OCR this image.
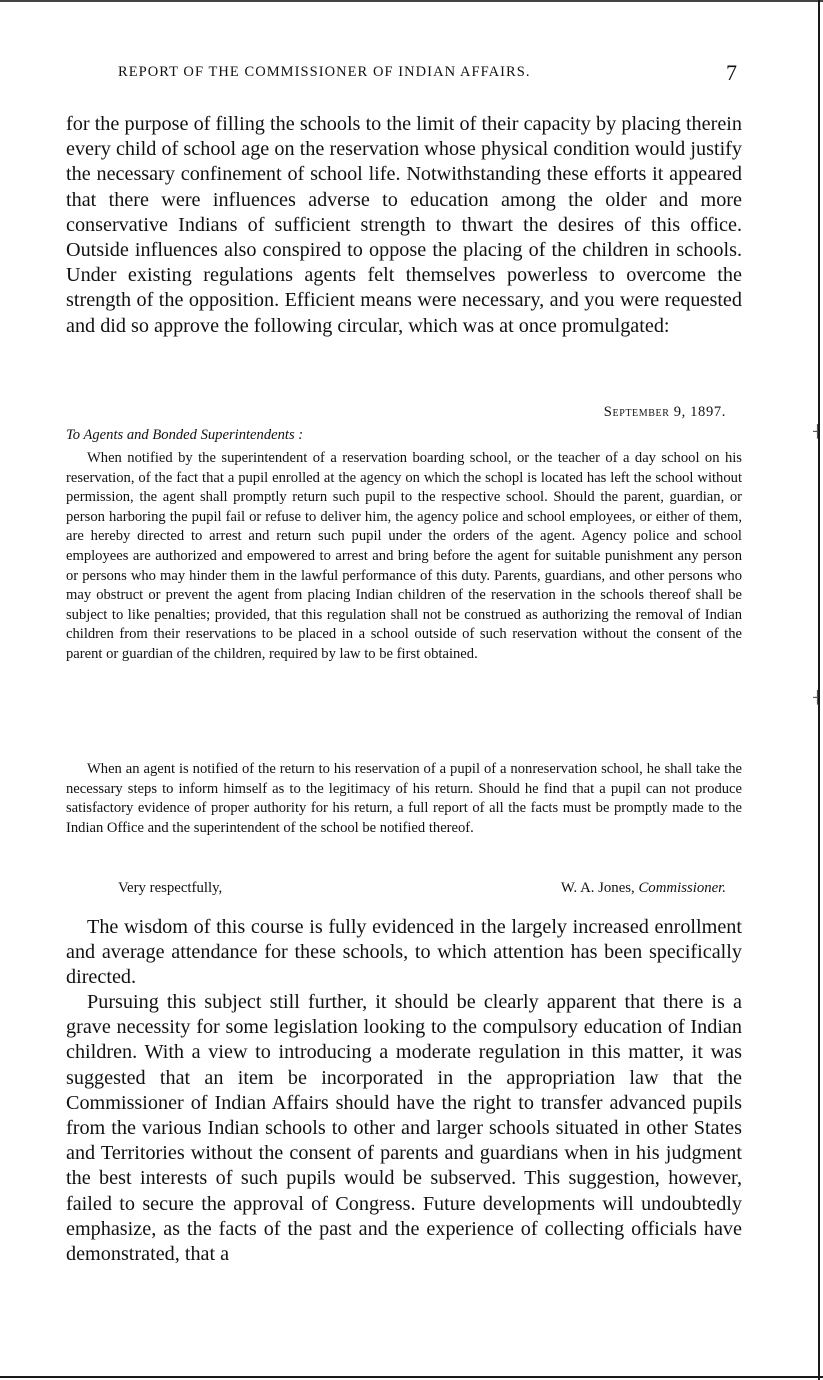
REPORT OF THE COMMISSIONER OF INDIAN AFFAIRS.	7

for the purpose of filling the schools to the limit of their capacity by placing therein every child of school age on the reservation whose physical condition would justify the necessary confinement of school life. Notwithstanding these efforts it appeared that there were influences adverse to education among the older and more conservative Indians of sufficient strength to thwart the desires of this office. Outside influences also conspired to oppose the placing of the children in schools. Under existing regulations agents felt themselves powerless to overcome the strength of the opposition. Efficient means were necessary, and you were requested and did so approve the following circular, which was at once promulgated:

September 9, 1897.
To Agents and Bonded Superintendents :

When notified by the superintendent of a reservation boarding school, or the teacher of a day school on his reservation, of the fact that a pupil enrolled at the agency on which the schopl is located has left the school without permission, the agent shall promptly return such pupil to the respective school. Should the parent, guardian, or person harboring the pupil fail or refuse to deliver him, the agency police and school employees, or either of them, are hereby directed to arrest and return such pupil under the orders of the agent. Agency police and school employees are authorized and empowered to arrest and bring before the agent for suitable punishment any person or persons who may hinder them in the lawful performance of this duty. Parents, guardians, and other persons who may obstruct or prevent the agent from placing Indian children of the reservation in the schools thereof shall be subject to like penalties; provided, that this regulation shall not be construed as authorizing the removal of Indian children from their reservations to be placed in a school outside of such reservation without the consent of the parent or guardian of the children, required by law to be first obtained.

When an agent is notified of the return to his reservation of a pupil of a nonreservation school, he shall take the necessary steps to inform himself as to the legitimacy of his return. Should he find that a pupil can not produce satisfactory evidence of proper authority for his return, a full report of all the facts must be promptly made to the Indian Office and the superintendent of the school be notified thereof.

Very respectfully,	W. A. Jones, Commissioner.

The wisdom of this course is fully evidenced in the largely increased enrollment and average attendance for these schools, to which attention has been specifically directed.

Pursuing this subject still further, it should be clearly apparent that there is a grave necessity for some legislation looking to the compulsory education of Indian children. With a view to introducing a moderate regulation in this matter, it was suggested that an item be incorporated in the appropriation law that the Commissioner of Indian Affairs should have the right to transfer advanced pupils from the various Indian schools to other and larger schools situated in other States and Territories without the consent of parents and guardians when in his judgment the best interests of such pupils would be subserved. This suggestion, however, failed to secure the approval of Congress. Future developments will undoubtedly emphasize, as the facts of the past and the experience of collecting officials have demonstrated, that a

┤
┤
